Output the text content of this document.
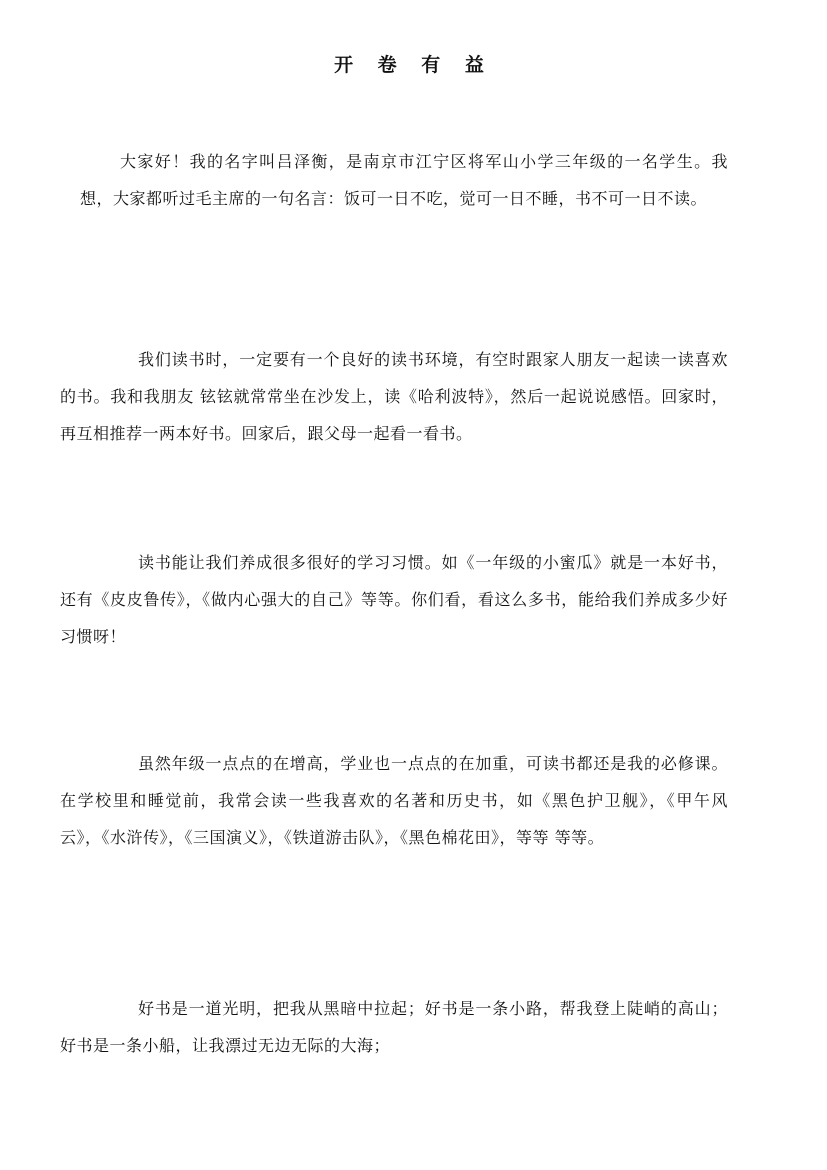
开 卷 有 益

大家好！我的名字叫吕泽衡，是南京市江宁区将军山小学三年级的一名学生。我想，大家都听过毛主席的一句名言：饭可一日不吃，觉可一日不睡，书不可一日不读。

我们读书时，一定要有一个良好的读书环境，有空时跟家人朋友一起读一读喜欢的书。我和我朋友 铉铉就常常坐在沙发上，读《哈利波特》，然后一起说说感悟。回家时，再互相推荐一两本好书。回家后，跟父母一起看一看书。

读书能让我们养成很多很好的学习习惯。如《一年级的小蜜瓜》就是一本好书，还有《皮皮鲁传》，《做内心强大的自己》等等。你们看，看这么多书，能给我们养成多少好习惯呀！

虽然年级一点点的在增高，学业也一点点的在加重，可读书都还是我的必修课。在学校里和睡觉前，我常会读一些我喜欢的名著和历史书，如《黑色护卫舰》，《甲午风云》，《水浒传》，《三国演义》，《铁道游击队》，《黑色棉花田》，等等 等等。

好书是一道光明，把我从黑暗中拉起；好书是一条小路，帮我登上陡峭的高山；好书是一条小船，让我漂过无边无际的大海；
